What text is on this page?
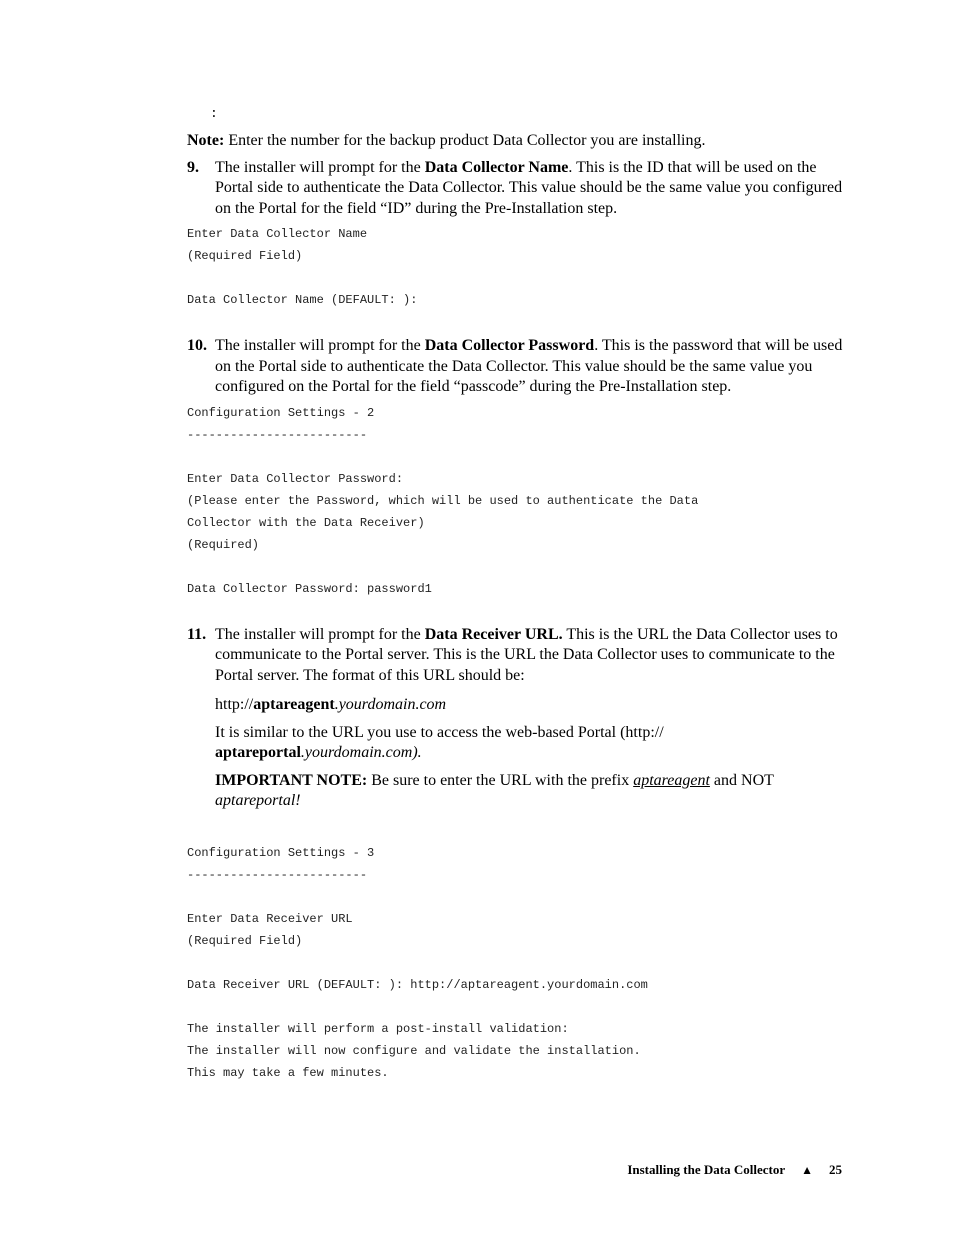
:

Note: Enter the number for the backup product Data Collector you are installing.

9.	The installer will prompt for the Data Collector Name. This is the ID that will be used on the Portal side to authenticate the Data Collector. This value should be the same value you configured on the Portal for the field “ID” during the Pre-Installation step.
Enter Data Collector Name
(Required Field)

Data Collector Name (DEFAULT: ):
10. The installer will prompt for the Data Collector Password. This is the password that will be used on the Portal side to authenticate the Data Collector. This value should be the same value you configured on the Portal for the field “passcode” during the Pre-Installation step.
Configuration Settings - 2
-------------------------

Enter Data Collector Password:
(Please enter the Password, which will be used to authenticate the Data
Collector with the Data Receiver)
(Required)

Data Collector Password: password1
11. The installer will prompt for the Data Receiver URL. This is the URL the Data Collector uses to communicate to the Portal server. This is the URL the Data Collector uses to communicate to the Portal server. The format of this URL should be:
http://aptareagent.yourdomain.com
It is similar to the URL you use to access the web-based Portal (http://
aptareportal.yourdomain.com).
IMPORTANT NOTE: Be sure to enter the URL with the prefix aptareagent and NOT aptareportal!
Configuration Settings - 3
-------------------------

Enter Data Receiver URL
(Required Field)

Data Receiver URL (DEFAULT: ): http://aptareagent.yourdomain.com

The installer will perform a post-install validation:
The installer will now configure and validate the installation.
This may take a few minutes.
Installing the Data Collector ▲ 25
